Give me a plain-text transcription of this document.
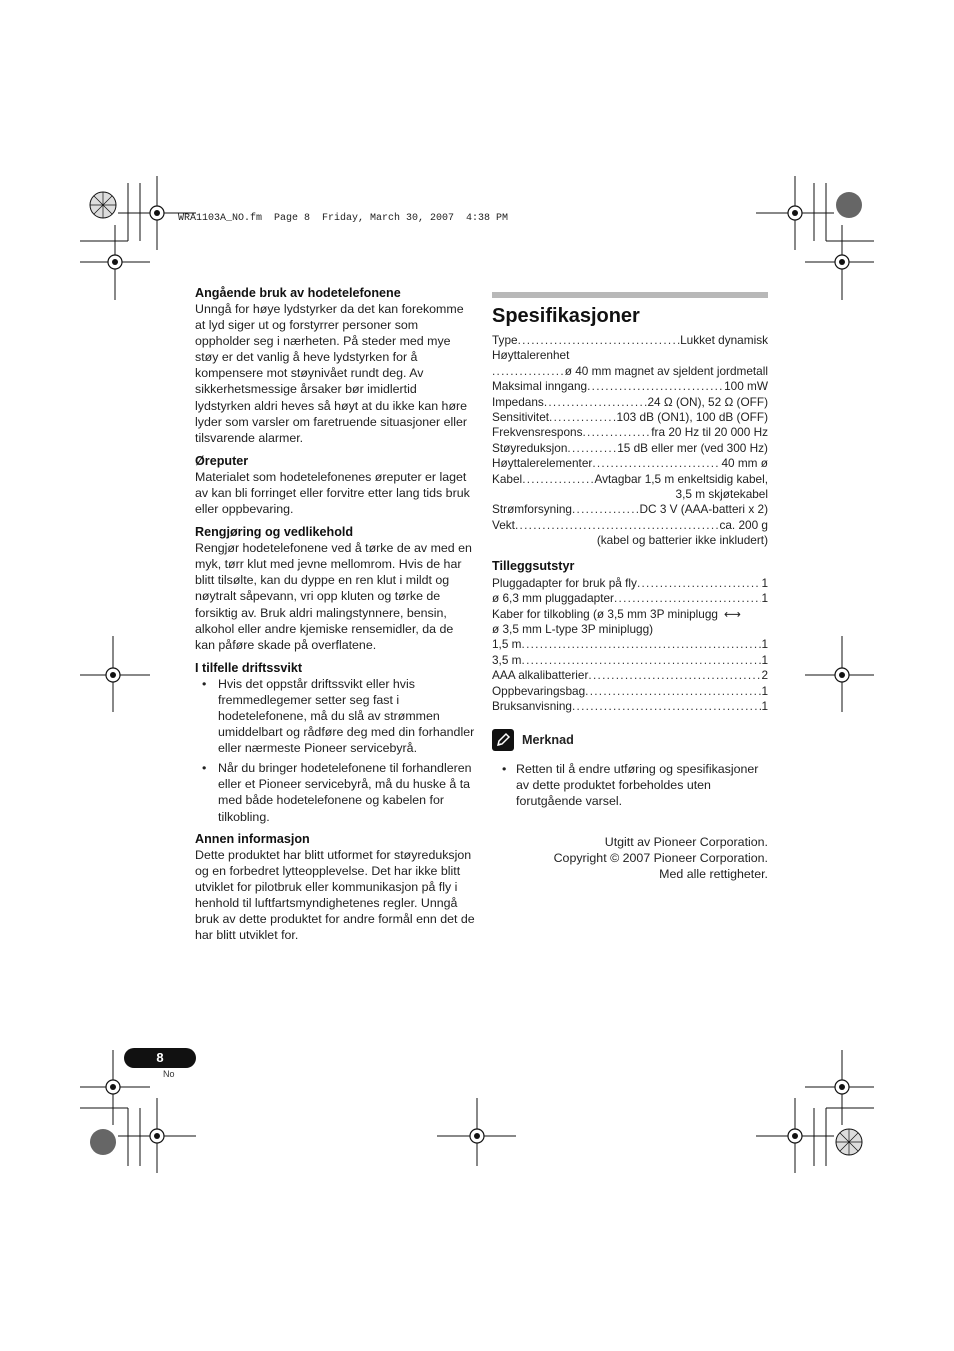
WRA1103A_NO.fm  Page 8  Friday, March 30, 2007  4:38 PM
Angående bruk av hodetelefonene

Unngå for høye lydstyrker da det kan forekomme at lyd siger ut og forstyrrer personer som oppholder seg i nærheten. På steder med mye støy er det vanlig å heve lydstyrken for å kompensere mot støynivået rundt deg. Av sikkerhetsmessige årsaker bør imidlertid lydstyrken aldri heves så høyt at du ikke kan høre lyder som varsler om faretruende situasjoner eller tilsvarende alarmer.

Øreputer

Materialet som hodetelefonenes øreputer er laget av kan bli forringet eller forvitre etter lang tids bruk eller oppbevaring.

Rengjøring og vedlikehold

Rengjør hodetelefonene ved å tørke de av med en myk, tørr klut med jevne mellomrom. Hvis de har blitt tilsølte, kan du dyppe en ren klut i mildt og nøytralt såpevann, vri opp kluten og tørke de forsiktig av. Bruk aldri malingstynnere, bensin, alkohol eller andre kjemiske rensemidler, da de kan påføre skade på overflatene.

I tilfelle driftssvikt
• Hvis det oppstår driftssvikt eller hvis fremmedlegemer setter seg fast i hodetelefonene, må du slå av strømmen umiddelbart og rådføre deg med din forhandler eller nærmeste Pioneer servicebyrå.
• Når du bringer hodetelefonene til forhandleren eller et Pioneer servicebyrå, må du huske å ta med både hodetelefonene og kabelen for tilkobling.
Annen informasjon

Dette produktet har blitt utformet for støyreduksjon og en forbedret lytteopplevelse. Det har ikke blitt utviklet for pilotbruk eller kommunikasjon på fly i henhold til luftfartsmyndighetenes regler. Unngå bruk av dette produktet for andre formål enn det de har blitt utviklet for.

Spesifikasjoner
Type . . .	Lukket dynamisk
Høyttalerenhet
. . .
ø 40 mm magnet av sjeldent jordmetall
Maksimal inngang . . .	100 mW
Impedans . . .	24 Ω (ON), 52 Ω (OFF)
Sensitivitet . . .	103 dB (ON1), 100 dB (OFF)
Frekvensrespons . . .	fra 20 Hz til 20 000 Hz
Støyreduksjon . . .	15 dB eller mer (ved 300 Hz)
Høyttalerelementer . . .	40 mm ø
Kabel . . .	Avtagbar 1,5 m enkeltsidig kabel,
3,5 m skjøtekabel
Strømforsyning . . .	DC 3 V (AAA-batteri x 2)
Vekt . . .	ca. 200 g
(kabel og batterier ikke inkludert)
Tilleggsutstyr
Pluggadapter for bruk på fly . . .	1
ø 6,3 mm pluggadapter . . .	1
Kaber for tilkobling (ø 3,5 mm 3P miniplugg ⟷
ø 3,5 mm L-type 3P miniplugg)
1,5 m . . .	1
3,5 m . . .	1
AAA alkalibatterier . . .	2
Oppbevaringsbag . . .	1
Bruksanvisning . . .	1
Merknad
• Retten til å endre utføring og spesifikasjoner av dette produktet forbeholdes uten forutgående varsel.
Utgitt av Pioneer Corporation.
Copyright © 2007 Pioneer Corporation.
Med alle rettigheter.
8
No
